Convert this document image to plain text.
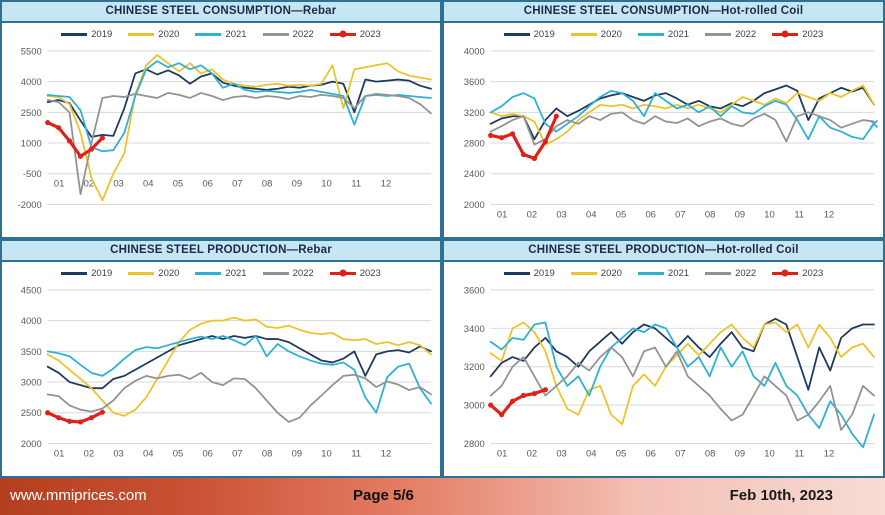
CHINESE STEEL CONSUMPTION—Rebar
2019	2020	2021	2022	2023
5500
4000
2500
1000
-500
-2000
01 02 03 04 05 06 07 08 09 10 11 12
CHINESE STEEL CONSUMPTION—Hot-rolled Coil
2019	2020	2021	2022	2023
4000
3600
3200
2800
2400
2000
01 02 03 04 05 06 07 08 09 10 11 12
CHINESE STEEL PRODUCTION—Rebar
2019	2020	2021	2022	2023
4500
4000
3500
3000
2500
2000
01 02 03 04 05 06 07 08 09 10 11 12
CHINESE STEEL PRODUCTION—Hot-rolled Coil
2019	2020	2021	2022	2023
3600
3400
3200
3000
2800
01 02 03 04 05 06 07 08 09 10 11 12
www.mmiprices.com	Page 5/6	Feb 10th, 2023
